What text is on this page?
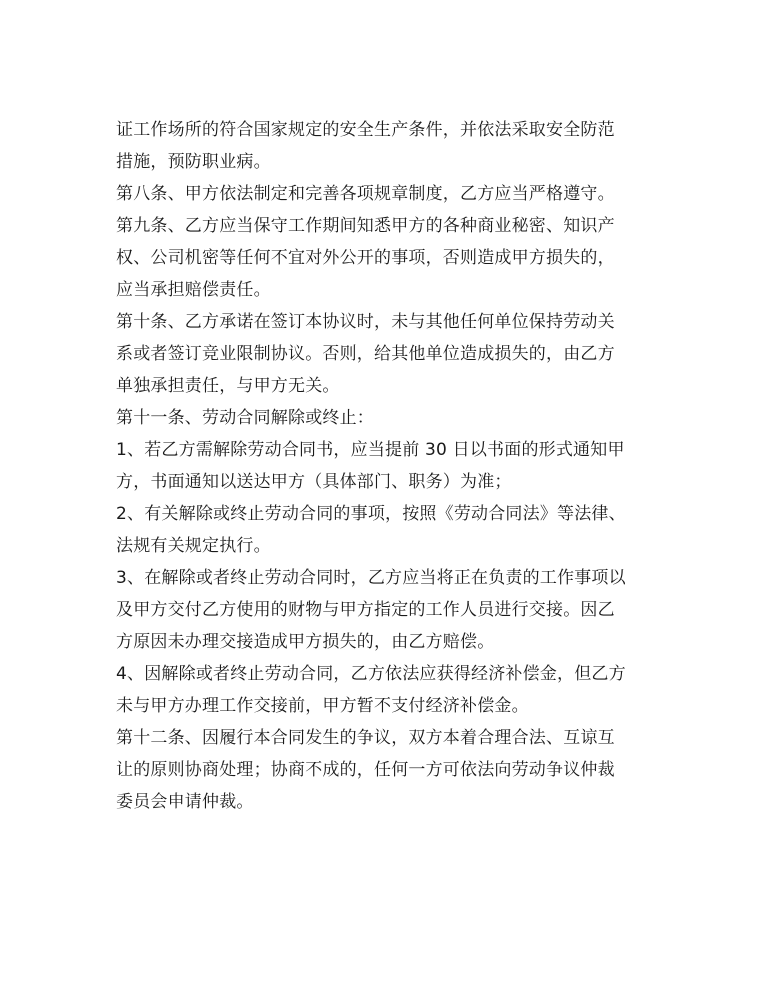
证工作场所的符合国家规定的安全生产条件，并依法采取安全防范
措施，预防职业病。
第八条、甲方依法制定和完善各项规章制度，乙方应当严格遵守。
第九条、乙方应当保守工作期间知悉甲方的各种商业秘密、知识产
权、公司机密等任何不宜对外公开的事项，否则造成甲方损失的，
应当承担赔偿责任。
第十条、乙方承诺在签订本协议时，未与其他任何单位保持劳动关
系或者签订竞业限制协议。否则，给其他单位造成损失的，由乙方
单独承担责任，与甲方无关。
第十一条、劳动合同解除或终止：
1、若乙方需解除劳动合同书，应当提前 30 日以书面的形式通知甲
方，书面通知以送达甲方（具体部门、职务）为准；
2、有关解除或终止劳动合同的事项，按照《劳动合同法》等法律、
法规有关规定执行。
3、在解除或者终止劳动合同时，乙方应当将正在负责的工作事项以
及甲方交付乙方使用的财物与甲方指定的工作人员进行交接。因乙
方原因未办理交接造成甲方损失的，由乙方赔偿。
4、因解除或者终止劳动合同，乙方依法应获得经济补偿金，但乙方
未与甲方办理工作交接前，甲方暂不支付经济补偿金。
第十二条、因履行本合同发生的争议，双方本着合理合法、互谅互
让的原则协商处理；协商不成的，任何一方可依法向劳动争议仲裁
委员会申请仲裁。
